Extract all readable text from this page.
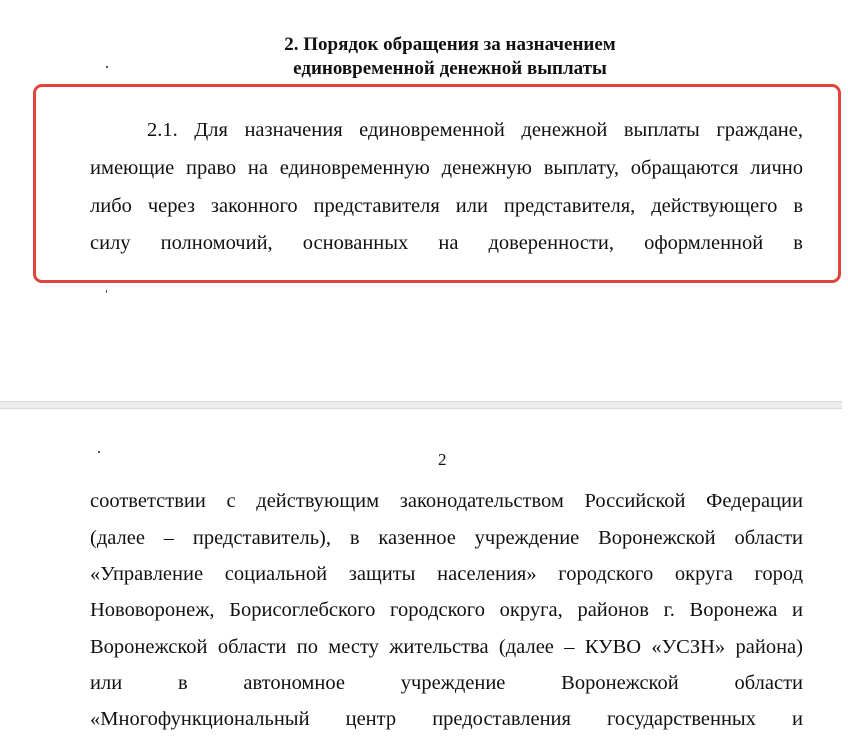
2. Порядок обращения за назначением
единовременной денежной выплаты

2.1. Для назначения единовременной денежной выплаты граждане,

имеющие право на единовременную денежную выплату, обращаются лично

либо через законного представителя или представителя, действующего в

силу полномочий, основанных на доверенности, оформленной в

2

соответствии с действующим законодательством Российской Федерации

(далее – представитель), в казенное учреждение Воронежской области

«Управление социальной защиты населения» городского округа город

Нововоронеж, Борисоглебского городского округа, районов г. Воронежа и

Воронежской области по месту жительства (далее – КУВО «УСЗН» района)

или в автономное учреждение Воронежской области

«Многофункциональный центр предоставления государственных и
